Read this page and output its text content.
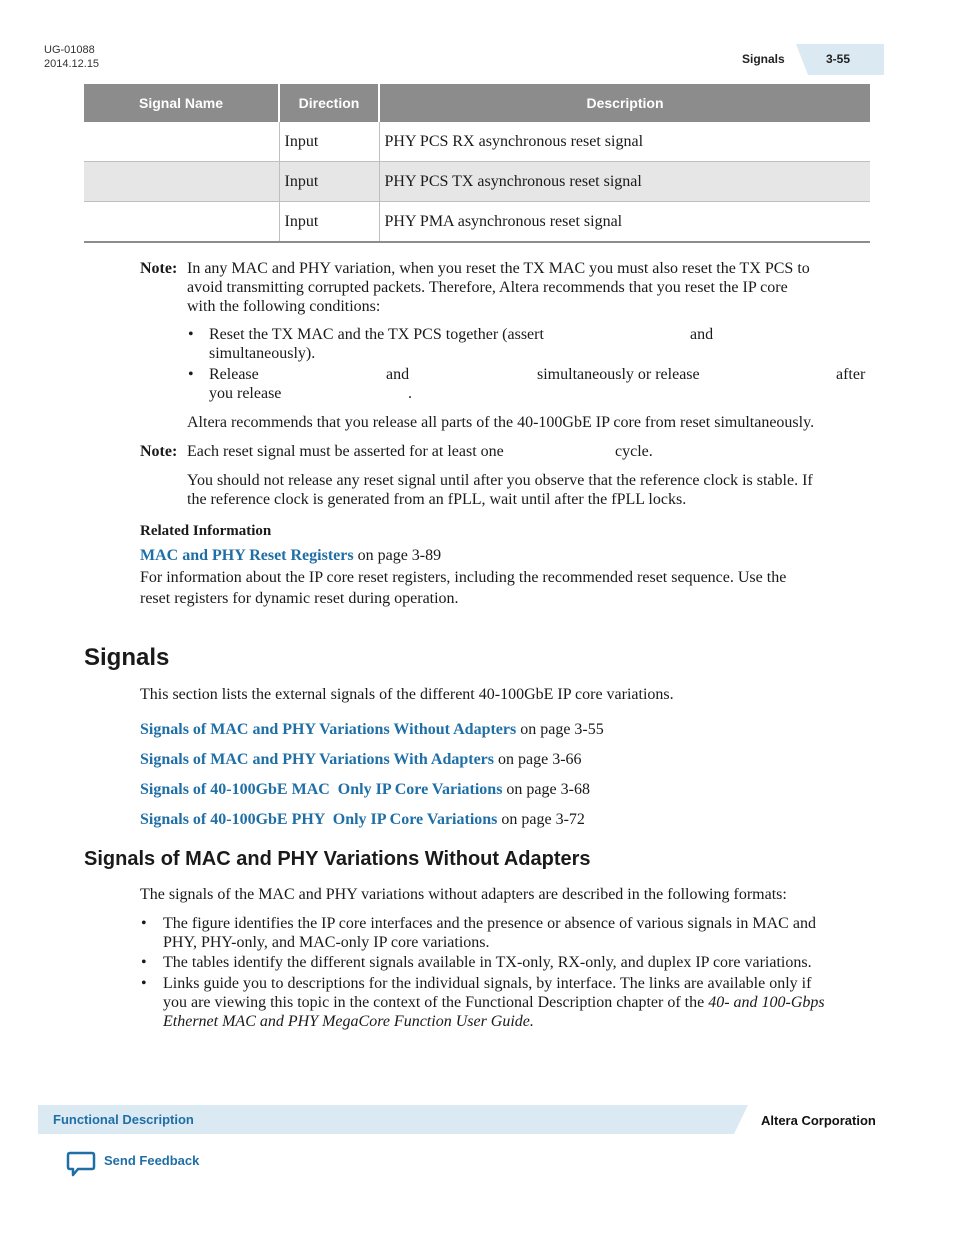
UG-01088
2014.12.15	Signals	3-55
Signal Name	Direction	Description
	Input	PHY PCS RX asynchronous reset signal
	Input	PHY PCS TX asynchronous reset signal
	Input	PHY PMA asynchronous reset signal
Note: In any MAC and PHY variation, when you reset the TX MAC you must also reset the TX PCS to
avoid transmitting corrupted packets. Therefore, Altera recommends that you reset the IP core
with the following conditions:
• Reset the TX MAC and the TX PCS together (assert	and
simultaneously).
• Release	and	simultaneously or release	after
you release	.
Altera recommends that you release all parts of the 40-100GbE IP core from reset simultaneously.
Note: Each reset signal must be asserted for at least one	cycle.
You should not release any reset signal until after you observe that the reference clock is stable. If
the reference clock is generated from an fPLL, wait until after the fPLL locks.
Related Information
MAC and PHY Reset Registers on page 3-89
For information about the IP core reset registers, including the recommended reset sequence. Use the
reset registers for dynamic reset during operation.
Signals
This section lists the external signals of the different 40-100GbE IP core variations.
Signals of MAC and PHY Variations Without Adapters on page 3-55
Signals of MAC and PHY Variations With Adapters on page 3-66
Signals of 40-100GbE MAC  Only IP Core Variations on page 3-68
Signals of 40-100GbE PHY  Only IP Core Variations on page 3-72
Signals of MAC and PHY Variations Without Adapters
The signals of the MAC and PHY variations without adapters are described in the following formats:
• The figure identifies the IP core interfaces and the presence or absence of various signals in MAC and
PHY, PHY-only, and MAC-only IP core variations.
• The tables identify the different signals available in TX-only, RX-only, and duplex IP core variations.
• Links guide you to descriptions for the individual signals, by interface. The links are available only if
you are viewing this topic in the context of the Functional Description chapter of the 40- and 100-Gbps
Ethernet MAC and PHY MegaCore Function User Guide.
Functional Description	Altera Corporation
Send Feedback
